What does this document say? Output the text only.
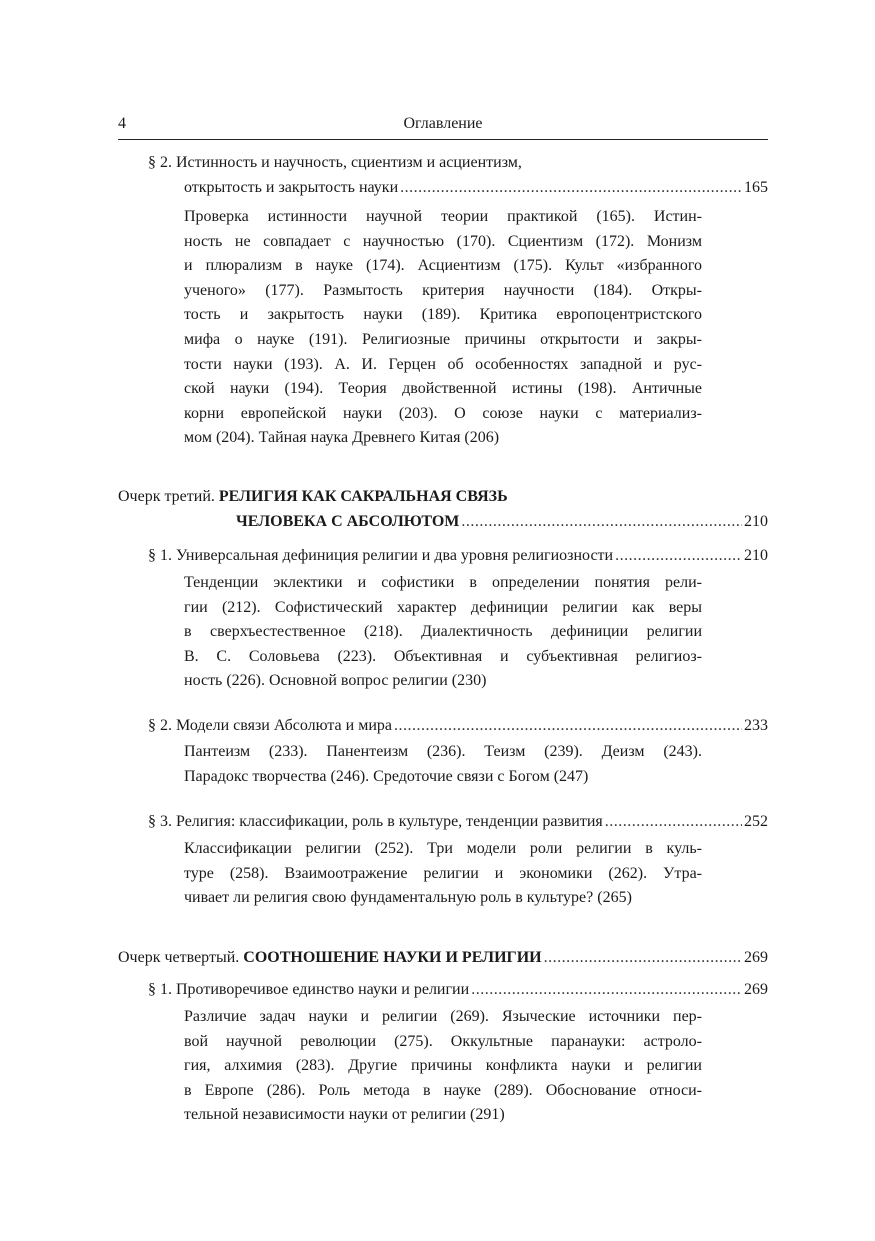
4	Оглавление
§ 2. Истинность и научность, сциентизм и асциентизм,
открытость и закрытость науки .....	165
Проверка истинности научной теории практикой (165). Истин-
ность не совпадает с научностью (170). Сциентизм (172). Монизм
и плюрализм в науке (174). Асциентизм (175). Культ «избранного
ученого» (177). Размытость критерия научности (184). Откры-
тость и закрытость науки (189). Критика европоцентристского
мифа о науке (191). Религиозные причины открытости и закры-
тости науки (193). А. И. Герцен об особенностях западной и рус-
ской науки (194). Теория двойственной истины (198). Античные
корни европейской науки (203). О союзе науки с материализ-
мом (204). Тайная наука Древнего Китая (206)
Очерк третий. РЕЛИГИЯ КАК САКРАЛЬНАЯ СВЯЗЬ
ЧЕЛОВЕКА С АБСОЛЮТОМ .....	210
§ 1. Универсальная дефиниция религии и два уровня религиозности .....	210
Тенденции эклектики и софистики в определении понятия рели-
гии (212). Софистический характер дефиниции религии как веры
в сверхъестественное (218). Диалектичность дефиниции религии
В. С. Соловьева (223). Объективная и субъективная религиоз-
ность (226). Основной вопрос религии (230)
§ 2. Модели связи Абсолюта и мира .....	233
Пантеизм (233). Панентеизм (236). Теизм (239). Деизм (243).
Парадокс творчества (246). Средоточие связи с Богом (247)
§ 3. Религия: классификации, роль в культуре, тенденции развития .....	252
Классификации религии (252). Три модели роли религии в куль-
туре (258). Взаимоотражение религии и экономики (262). Утра-
чивает ли религия свою фундаментальную роль в культуре? (265)
Очерк четвертый.
СООТНОШЕНИЕ НАУКИ И РЕЛИГИИ .....	269
§ 1. Противоречивое единство науки и религии .....	269
Различие задач науки и религии (269). Языческие источники пер-
вой научной революции (275). Оккультные паранауки: астроло-
гия, алхимия (283). Другие причины конфликта науки и религии
в Европе (286). Роль метода в науке (289). Обоснование относи-
тельной независимости науки от религии (291)
